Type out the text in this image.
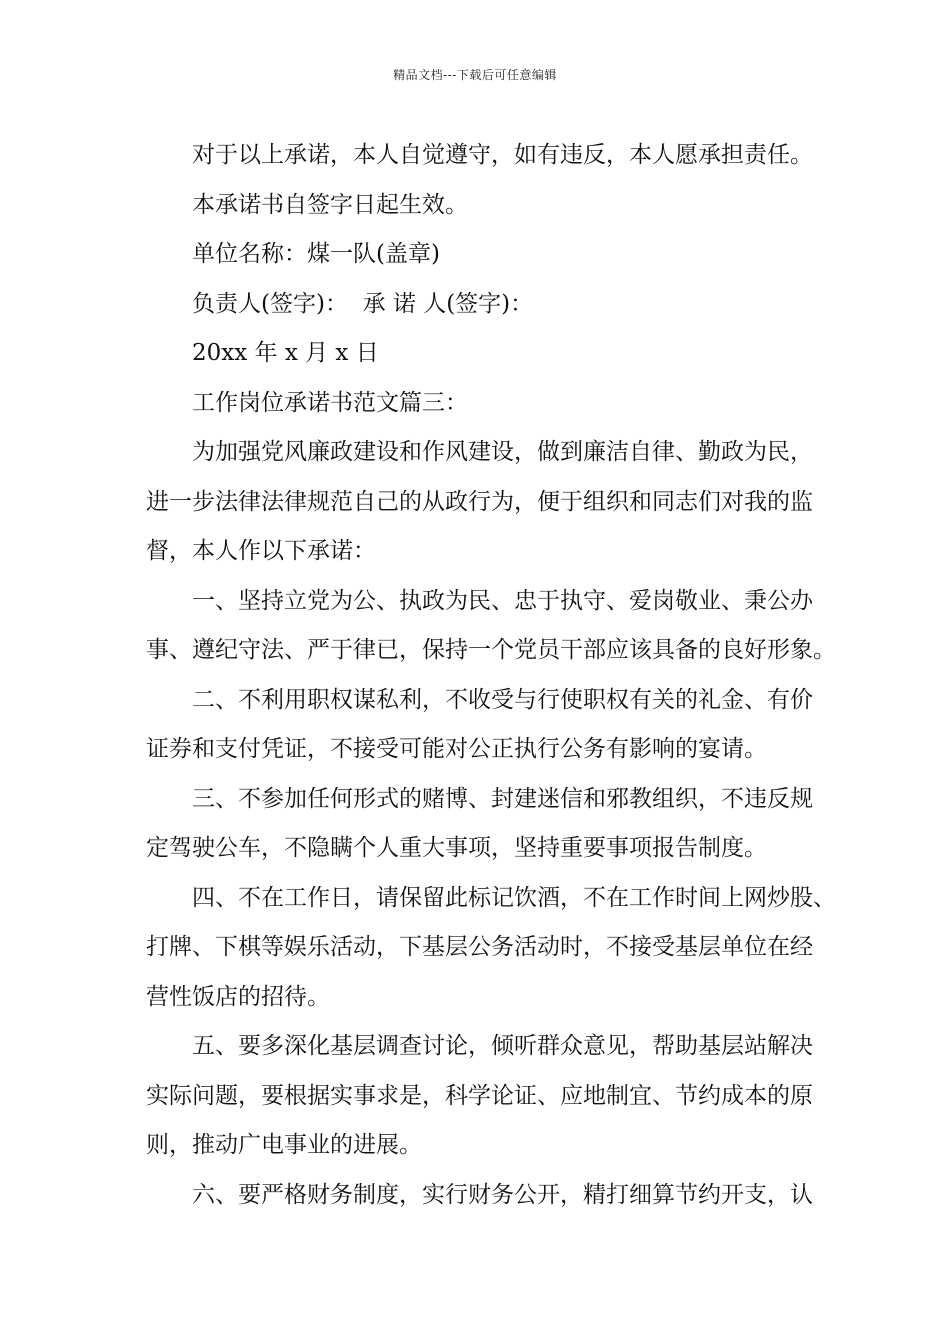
精品文档---下载后可任意编辑
对于以上承诺，本人自觉遵守，如有违反，本人愿承担责任。
本承诺书自签字日起生效。
单位名称：煤一队(盖章)
负责人(签字)：  承 诺 人(签字)：
20xx 年 x 月 x 日
工作岗位承诺书范文篇三：
为加强党风廉政建设和作风建设，做到廉洁自律、勤政为民，
进一步法律法律规范自己的从政行为，便于组织和同志们对我的监
督，本人作以下承诺：
一、坚持立党为公、执政为民、忠于执守、爱岗敬业、秉公办
事、遵纪守法、严于律已，保持一个党员干部应该具备的良好形象。
二、不利用职权谋私利，不收受与行使职权有关的礼金、有价
证券和支付凭证，不接受可能对公正执行公务有影响的宴请。
三、不参加任何形式的赌博、封建迷信和邪教组织，不违反规
定驾驶公车，不隐瞒个人重大事项，坚持重要事项报告制度。
四、不在工作日，请保留此标记饮酒，不在工作时间上网炒股、
打牌、下棋等娱乐活动，下基层公务活动时，不接受基层单位在经
营性饭店的招待。
五、要多深化基层调查讨论，倾听群众意见，帮助基层站解决
实际问题，要根据实事求是，科学论证、应地制宜、节约成本的原
则，推动广电事业的进展。
六、要严格财务制度，实行财务公开，精打细算节约开支，认
